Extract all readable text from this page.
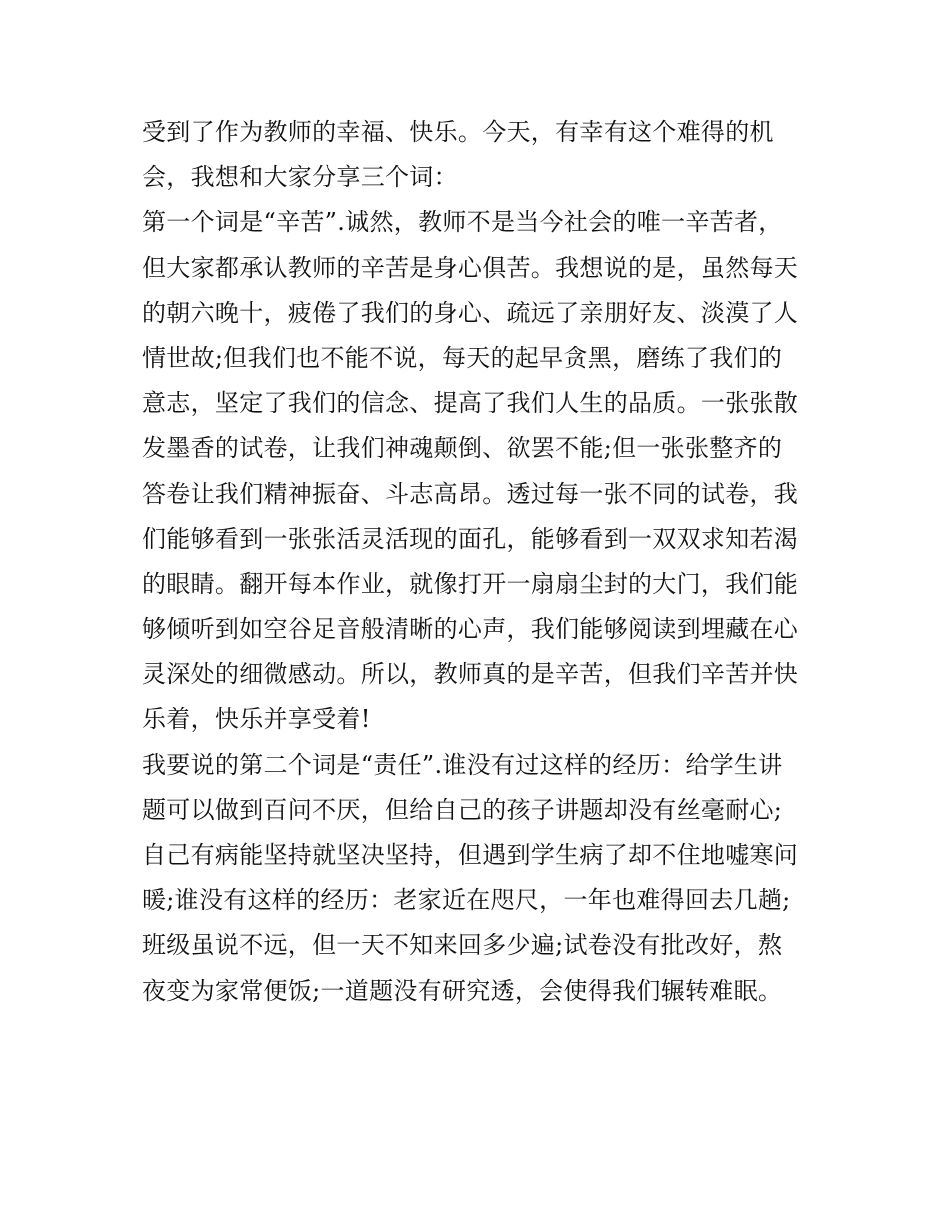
受到了作为教师的幸福、快乐。今天，有幸有这个难得的机
会，我想和大家分享三个词：
第一个词是“辛苦”.诚然，教师不是当今社会的唯一辛苦者，
但大家都承认教师的辛苦是身心俱苦。我想说的是，虽然每天
的朝六晚十，疲倦了我们的身心、疏远了亲朋好友、淡漠了人
情世故;但我们也不能不说，每天的起早贪黑，磨练了我们的
意志，坚定了我们的信念、提高了我们人生的品质。一张张散
发墨香的试卷，让我们神魂颠倒、欲罢不能;但一张张整齐的
答卷让我们精神振奋、斗志高昂。透过每一张不同的试卷，我
们能够看到一张张活灵活现的面孔，能够看到一双双求知若渴
的眼睛。翻开每本作业，就像打开一扇扇尘封的大门，我们能
够倾听到如空谷足音般清晰的心声，我们能够阅读到埋藏在心
灵深处的细微感动。所以，教师真的是辛苦，但我们辛苦并快
乐着，快乐并享受着!
我要说的第二个词是“责任”.谁没有过这样的经历：给学生讲
题可以做到百问不厌，但给自己的孩子讲题却没有丝毫耐心;
自己有病能坚持就坚决坚持，但遇到学生病了却不住地嘘寒问
暖;谁没有这样的经历：老家近在咫尺，一年也难得回去几趟;
班级虽说不远，但一天不知来回多少遍;试卷没有批改好，熬
夜变为家常便饭;一道题没有研究透，会使得我们辗转难眠。
